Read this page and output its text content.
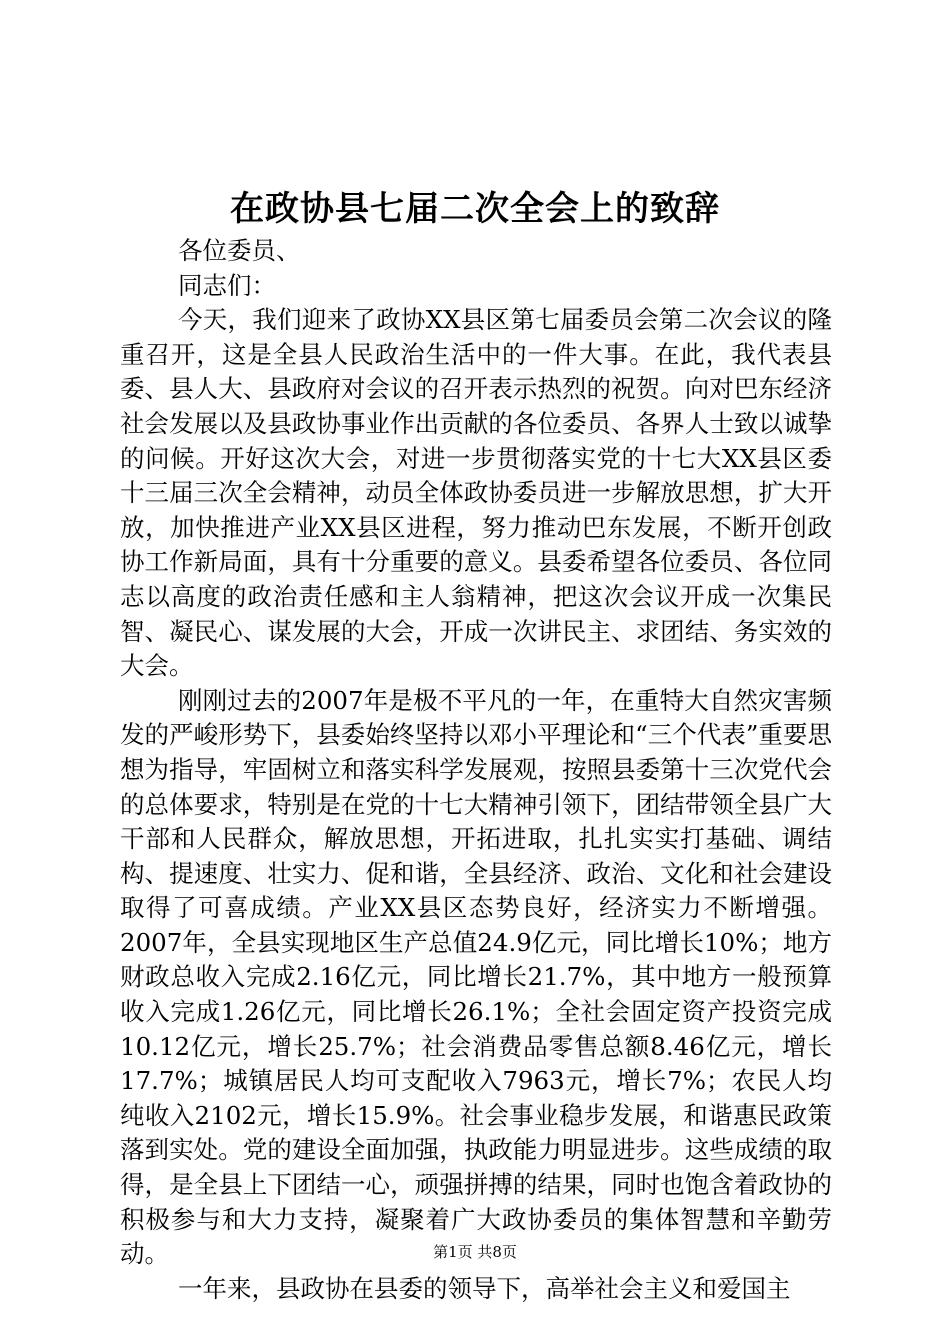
在政协县七届二次全会上的致辞

各位委员、

同志们：

今天，我们迎来了政协XX县区第七届委员会第二次会议的隆重召开，这是全县人民政治生活中的一件大事。在此，我代表县委、县人大、县政府对会议的召开表示热烈的祝贺。向对巴东经济社会发展以及县政协事业作出贡献的各位委员、各界人士致以诚挚的问候。开好这次大会，对进一步贯彻落实党的十七大XX县区委十三届三次全会精神，动员全体政协委员进一步解放思想，扩大开放，加快推进产业XX县区进程，努力推动巴东发展，不断开创政协工作新局面，具有十分重要的意义。县委希望各位委员、各位同志以高度的政治责任感和主人翁精神，把这次会议开成一次集民智、凝民心、谋发展的大会，开成一次讲民主、求团结、务实效的大会。

刚刚过去的2007年是极不平凡的一年，在重特大自然灾害频发的严峻形势下，县委始终坚持以邓小平理论和“三个代表”重要思想为指导，牢固树立和落实科学发展观，按照县委第十三次党代会的总体要求，特别是在党的十七大精神引领下，团结带领全县广大干部和人民群众，解放思想，开拓进取，扎扎实实打基础、调结构、提速度、壮实力、促和谐，全县经济、政治、文化和社会建设取得了可喜成绩。产业XX县区态势良好，经济实力不断增强。2007年，全县实现地区生产总值24.9亿元，同比增长10%；地方财政总收入完成2.16亿元，同比增长21.7%，其中地方一般预算收入完成1.26亿元，同比增长26.1%；全社会固定资产投资完成10.12亿元，增长25.7%；社会消费品零售总额8.46亿元，增长17.7%；城镇居民人均可支配收入7963元，增长7%；农民人均纯收入2102元，增长15.9%。社会事业稳步发展，和谐惠民政策落到实处。党的建设全面加强，执政能力明显进步。这些成绩的取得，是全县上下团结一心，顽强拼搏的结果，同时也饱含着政协的积极参与和大力支持，凝聚着广大政协委员的集体智慧和辛勤劳动。

一年来，县政协在县委的领导下，高举社会主义和爱国主

第1页 共8页
